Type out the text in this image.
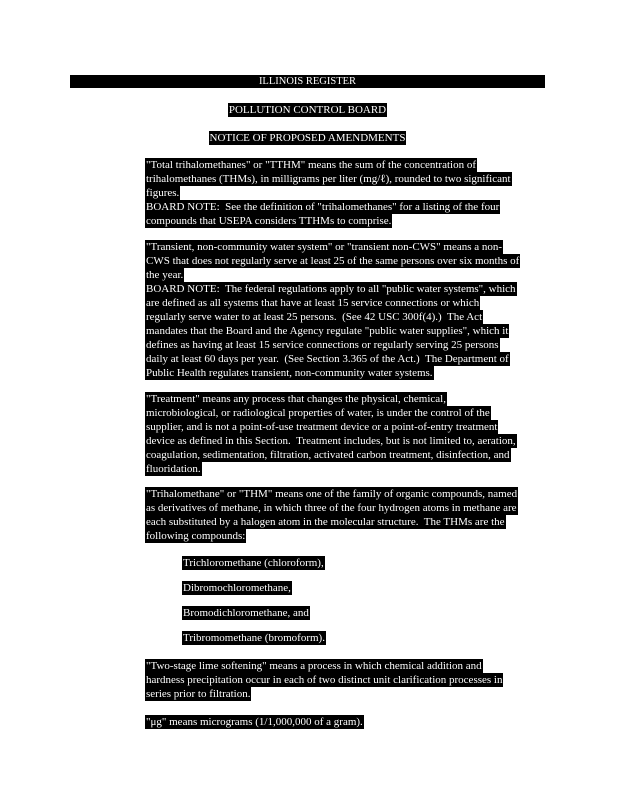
ILLINOIS REGISTER
POLLUTION CONTROL BOARD
NOTICE OF PROPOSED AMENDMENTS
"Total trihalomethanes" or "TTHM" means the sum of the concentration of
trihalomethanes (THMs), in milligrams per liter (mg/ℓ), rounded to two significant
figures.
BOARD NOTE:  See the definition of "trihalomethanes" for a listing of the four
compounds that USEPA considers TTHMs to comprise.
"Transient, non-community water system" or "transient non-CWS" means a non-
CWS that does not regularly serve at least 25 of the same persons over six months of
the year.
BOARD NOTE:  The federal regulations apply to all "public water systems", which
are defined as all systems that have at least 15 service connections or which
regularly serve water to at least 25 persons.  (See 42 USC 300f(4).)  The Act
mandates that the Board and the Agency regulate "public water supplies", which it
defines as having at least 15 service connections or regularly serving 25 persons
daily at least 60 days per year.  (See Section 3.365 of the Act.)  The Department of
Public Health regulates transient, non-community water systems.
"Treatment" means any process that changes the physical, chemical,
microbiological, or radiological properties of water, is under the control of the
supplier, and is not a point-of-use treatment device or a point-of-entry treatment
device as defined in this Section.  Treatment includes, but is not limited to, aeration,
coagulation, sedimentation, filtration, activated carbon treatment, disinfection, and
fluoridation.
"Trihalomethane" or "THM" means one of the family of organic compounds, named
as derivatives of methane, in which three of the four hydrogen atoms in methane are
each substituted by a halogen atom in the molecular structure.  The THMs are the
following compounds:
Trichloromethane (chloroform),
Dibromochloromethane,
Bromodichloromethane, and
Tribromomethane (bromoform).
"Two-stage lime softening" means a process in which chemical addition and
hardness precipitation occur in each of two distinct unit clarification processes in
series prior to filtration.
"μg" means micrograms (1/1,000,000 of a gram).
